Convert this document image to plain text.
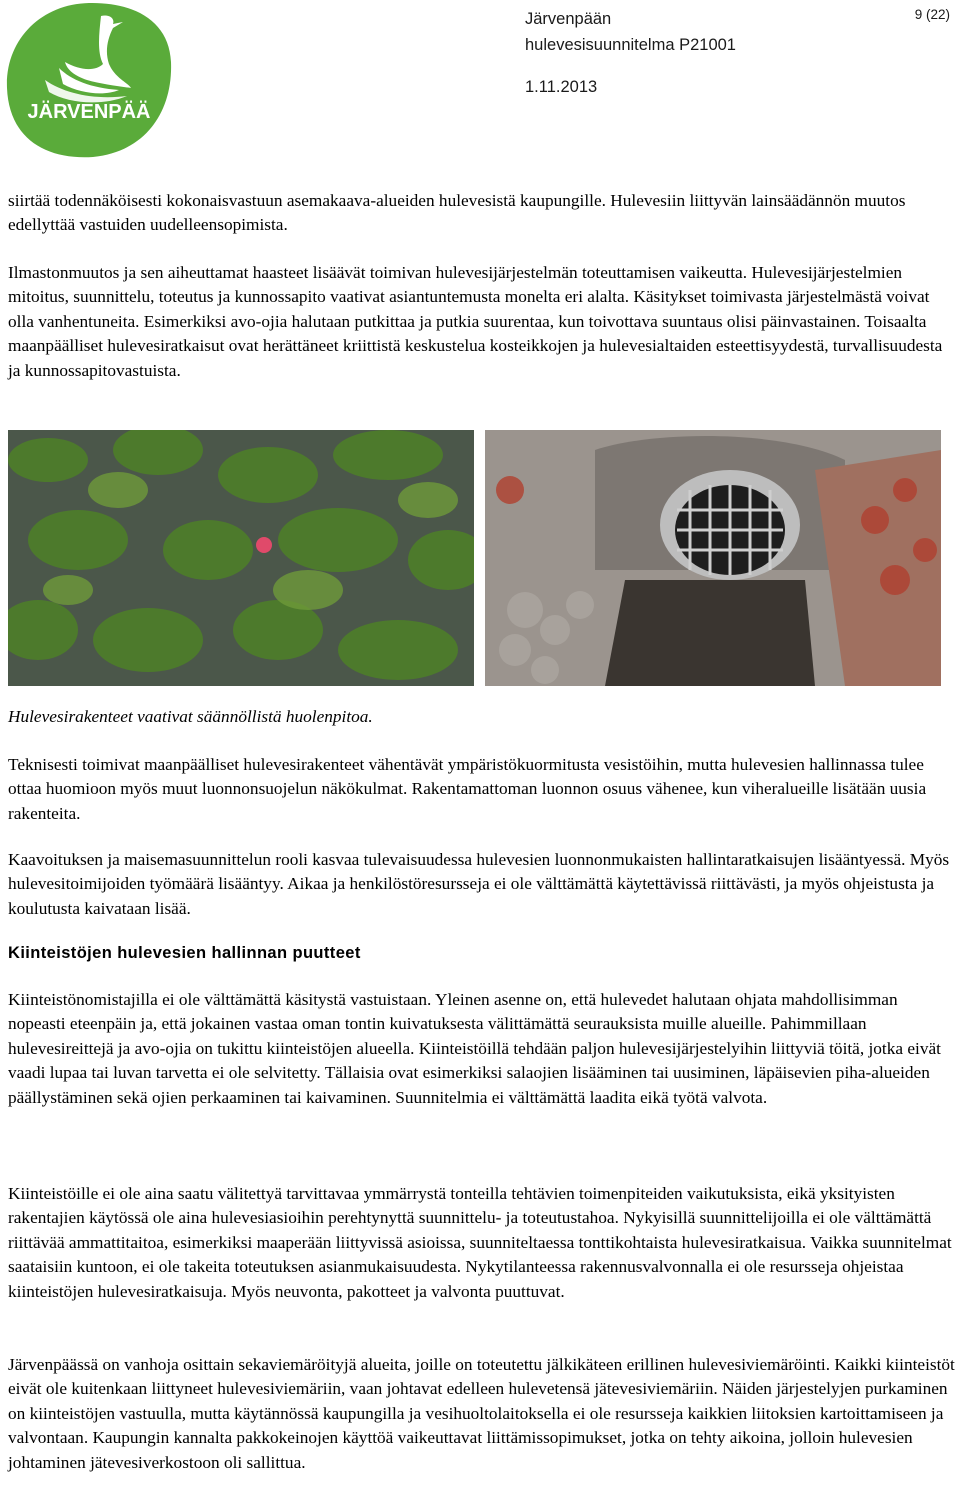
JÄRVENPÄÄ
Järvenpään
hulevesisuunnitelma P21001
1.11.2013
9 (22)

siirtää todennäköisesti kokonaisvastuun asemakaava-alueiden hulevesistä kaupungille. Hulevesiin liittyvän lainsäädännön muutos edellyttää vastuiden uudelleensopimista.

Ilmastonmuutos ja sen aiheuttamat haasteet lisäävät toimivan hulevesijärjestelmän toteuttamisen vaikeutta. Hulevesijärjestelmien mitoitus, suunnittelu, toteutus ja kunnossapito vaativat asiantuntemusta monelta eri alalta. Käsitykset toimivasta järjestelmästä voivat olla vanhentuneita. Esimerkiksi avo-ojia halutaan putkittaa ja putkia suurentaa, kun toivottava suuntaus olisi päinvastainen. Toisaalta maanpäälliset hulevesiratkaisut ovat herättäneet kriittistä keskustelua kosteikkojen ja hulevesialtaiden esteettisyydestä, turvallisuudesta ja kunnossapitovastuista.

Hulevesirakenteet vaativat säännöllistä huolenpitoa.

Teknisesti toimivat maanpäälliset hulevesirakenteet vähentävät ympäristökuormitusta vesistöihin, mutta hulevesien hallinnassa tulee ottaa huomioon myös muut luonnonsuojelun näkökulmat. Rakentamattoman luonnon osuus vähenee, kun viheralueille lisätään uusia rakenteita.

Kaavoituksen ja maisemasuunnittelun rooli kasvaa tulevaisuudessa hulevesien luonnonmukaisten hallintaratkaisujen lisääntyessä. Myös hulevesitoimijoiden työmäärä lisääntyy. Aikaa ja henkilöstöresursseja ei ole välttämättä käytettävissä riittävästi, ja myös ohjeistusta ja koulutusta kaivataan lisää.

Kiinteistöjen hulevesien hallinnan puutteet

Kiinteistönomistajilla ei ole välttämättä käsitystä vastuistaan. Yleinen asenne on, että hulevedet halutaan ohjata mahdollisimman nopeasti eteenpäin ja, että jokainen vastaa oman tontin kuivatuksesta välittämättä seurauksista muille alueille. Pahimmillaan hulevesireittejä ja avo-ojia on tukittu kiinteistöjen alueella. Kiinteistöillä tehdään paljon hulevesijärjestelyihin liittyviä töitä, jotka eivät vaadi lupaa tai luvan tarvetta ei ole selvitetty. Tällaisia ovat esimerkiksi salaojien lisääminen tai uusiminen, läpäisevien piha-alueiden päällystäminen sekä ojien perkaaminen tai kaivaminen. Suunnitelmia ei välttämättä laadita eikä työtä valvota.

Kiinteistöille ei ole aina saatu välitettyä tarvittavaa ymmärrystä tonteilla tehtävien toimenpiteiden vaikutuksista, eikä yksityisten rakentajien käytössä ole aina hulevesiasioihin perehtynyttä suunnittelu- ja toteutustahoa. Nykyisillä suunnittelijoilla ei ole välttämättä riittävää ammattitaitoa, esimerkiksi maaperään liittyvissä asioissa, suunniteltaessa tonttikohtaista hulevesiratkaisua. Vaikka suunnitelmat saataisiin kuntoon, ei ole takeita toteutuksen asianmukaisuudesta. Nykytilanteessa rakennusvalvonnalla ei ole resursseja ohjeistaa kiinteistöjen hulevesiratkaisuja. Myös neuvonta, pakotteet ja valvonta puuttuvat.

Järvenpäässä on vanhoja osittain sekaviemäröityjä alueita, joille on toteutettu jälkikäteen erillinen hulevesiviemäröinti. Kaikki kiinteistöt eivät ole kuitenkaan liittyneet hulevesiviemäriin, vaan johtavat edelleen hulevetensä jätevesiviemäriin. Näiden järjestelyjen purkaminen on kiinteistöjen vastuulla, mutta käytännössä kaupungilla ja vesihuoltolaitoksella ei ole resursseja kaikkien liitoksien kartoittamiseen ja valvontaan. Kaupungin kannalta pakkokeinojen käyttöä vaikeuttavat liittämissopimukset, jotka on tehty aikoina, jolloin hulevesien johtaminen jätevesiverkostoon oli sallittua.
